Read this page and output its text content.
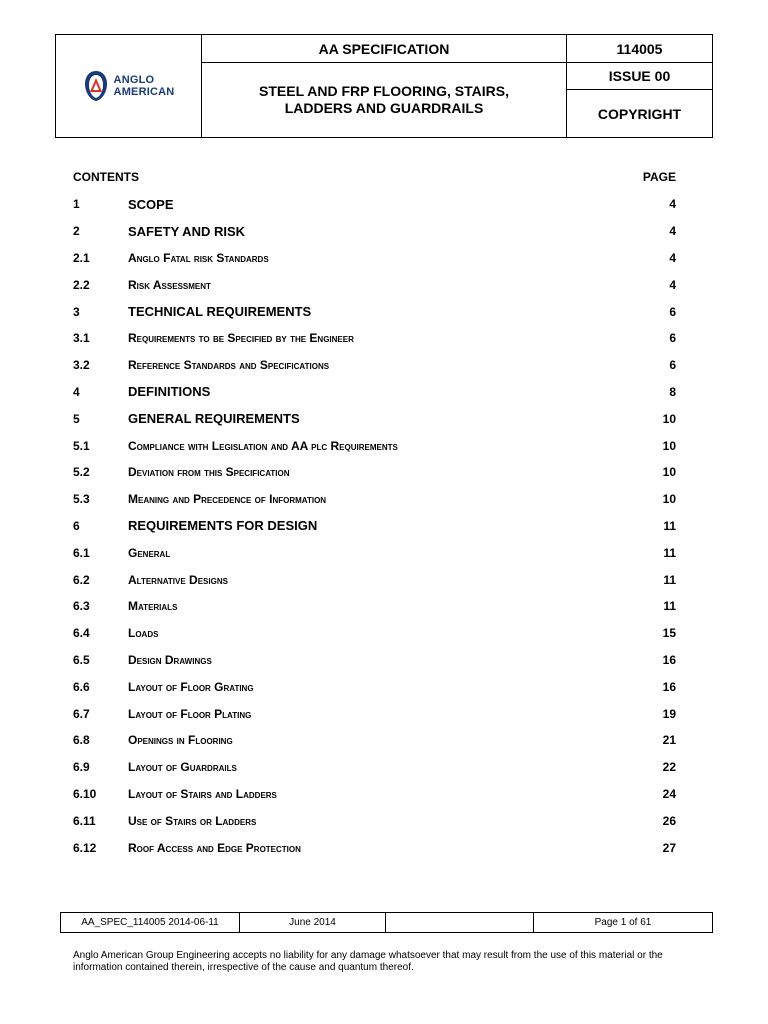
ANGLO
AMERICAN
AA SPECIFICATION
STEEL AND FRP FLOORING, STAIRS,
LADDERS AND GUARDRAILS
114005
ISSUE 00
COPYRIGHT
CONTENTS	PAGE
1	SCOPE	4
2	SAFETY AND RISK	4
2.1	Anglo Fatal risk Standards	4
2.2	Risk Assessment	4
3	TECHNICAL REQUIREMENTS	6
3.1	Requirements to be Specified by the Engineer	6
3.2	Reference Standards and Specifications	6
4	DEFINITIONS	8
5	GENERAL REQUIREMENTS	10
5.1	Compliance with Legislation and AA plc Requirements	10
5.2	Deviation from this Specification	10
5.3	Meaning and Precedence of Information	10
6	REQUIREMENTS FOR DESIGN	11
6.1	General	11
6.2	Alternative Designs	11
6.3	Materials	11
6.4	Loads	15
6.5	Design Drawings	16
6.6	Layout of Floor Grating	16
6.7	Layout of Floor Plating	19
6.8	Openings in Flooring	21
6.9	Layout of Guardrails	22
6.10	Layout of Stairs and Ladders	24
6.11	Use of Stairs or Ladders	26
6.12	Roof Access and Edge Protection	27
AA_SPEC_114005 2014-06-11	June 2014	Page 1 of 61
Anglo American Group Engineering accepts no liability for any damage whatsoever that may result from the use of this material or the information contained therein, irrespective of the cause and quantum thereof.
